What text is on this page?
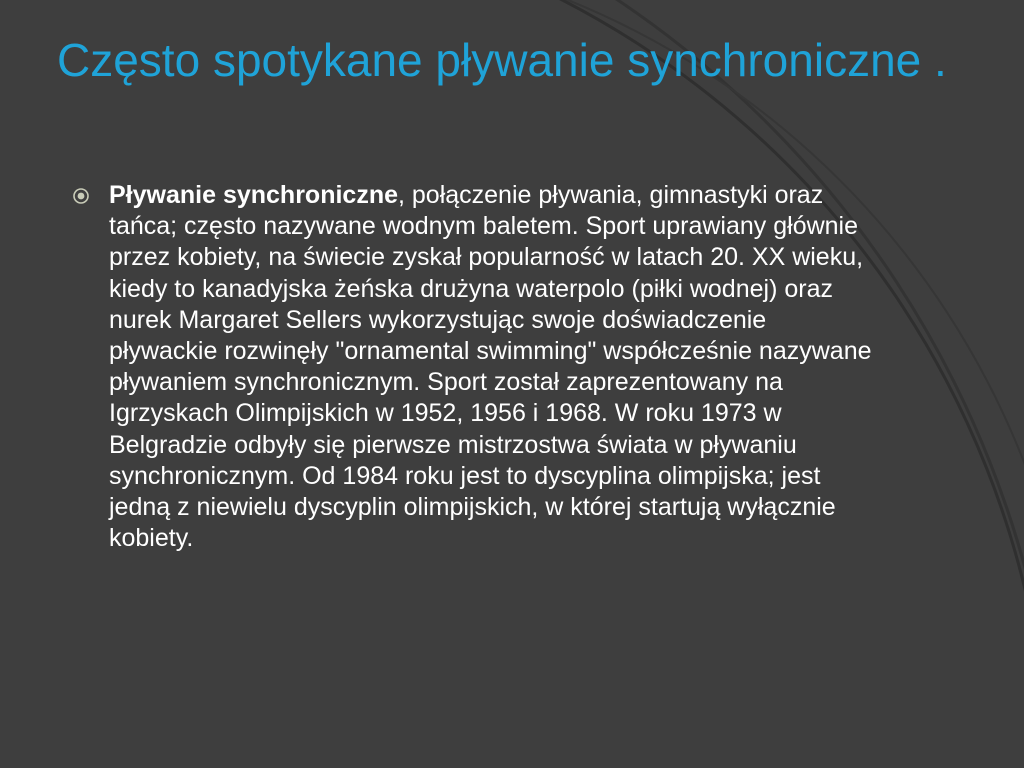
Często spotykane pływanie synchroniczne .

Pływanie synchroniczne, połączenie pływania, gimnastyki oraz tańca; często nazywane wodnym baletem. Sport uprawiany głównie przez kobiety, na świecie zyskał popularność w latach 20. XX wieku, kiedy to kanadyjska żeńska drużyna waterpolo (piłki wodnej) oraz nurek Margaret Sellers wykorzystując swoje doświadczenie pływackie rozwinęły "ornamental swimming" współcześnie nazywane pływaniem synchronicznym. Sport został zaprezentowany na Igrzyskach Olimpijskich w 1952, 1956 i 1968. W roku 1973 w Belgradzie odbyły się pierwsze mistrzostwa świata w pływaniu synchronicznym. Od 1984 roku jest to dyscyplina olimpijska; jest jedną z niewielu dyscyplin olimpijskich, w której startują wyłącznie kobiety.
